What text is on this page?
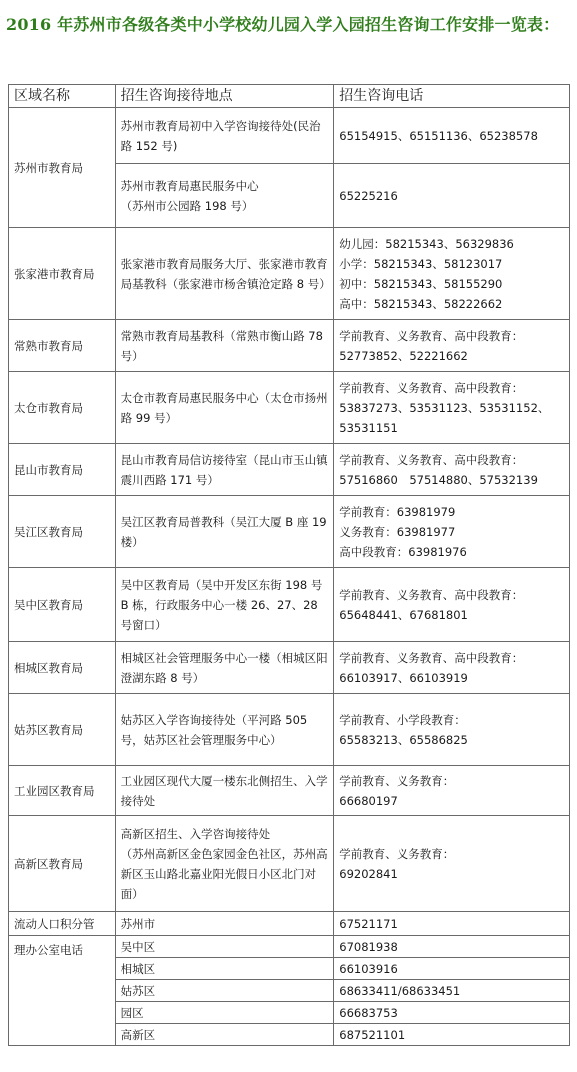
2016 年苏州市各级各类中小学校幼儿园入学入园招生咨询工作安排一览表：
区域名称	招生咨询接待地点	招生咨询电话
苏州市教育局	苏州市教育局初中入学咨询接待处(民治路 152 号)	65154915、65151136、65238578
	苏州市教育局惠民服务中心
（苏州市公园路 198 号）	65225216
张家港市教育局	张家港市教育局服务大厅、张家港市教育局基教科（张家港市杨舍镇沧定路 8 号）	幼儿园：58215343、56329836
小学：58215343、58123017
初中：58215343、58155290
高中：58215343、58222662
常熟市教育局	常熟市教育局基教科（常熟市衡山路 78 号）	学前教育、义务教育、高中段教育：
52773852、52221662
太仓市教育局	太仓市教育局惠民服务中心（太仓市扬州路 99 号）	学前教育、义务教育、高中段教育：
53837273、53531123、53531152、
53531151
昆山市教育局	昆山市教育局信访接待室（昆山市玉山镇震川西路 171 号）	学前教育、义务教育、高中段教育：
57516860　57514880、57532139
吴江区教育局	吴江区教育局普教科（吴江大厦 B 座 19 楼）	学前教育：63981979
义务教育：63981977
高中段教育：63981976
吴中区教育局	吴中区教育局（吴中开发区东街 198 号 B 栋，行政服务中心一楼 26、27、28 号窗口）	学前教育、义务教育、高中段教育：
65648441、67681801
相城区教育局	相城区社会管理服务中心一楼（相城区阳澄湖东路 8 号）	学前教育、义务教育、高中段教育：
66103917、66103919
姑苏区教育局	姑苏区入学咨询接待处（平河路 505 号，姑苏区社会管理服务中心）	学前教育、小学段教育：
65583213、65586825
工业园区教育局	工业园区现代大厦一楼东北侧招生、入学接待处	学前教育、义务教育：
66680197
高新区教育局	高新区招生、入学咨询接待处
（苏州高新区金色家园金色社区，苏州高新区玉山路北嘉业阳光假日小区北门对面）	学前教育、义务教育：
69202841
流动人口积分管	苏州市	67521171
理办公室电话	吴中区	67081938
	相城区	66103916
	姑苏区	68633411/68633451
	园区	66683753
	高新区	687521101
